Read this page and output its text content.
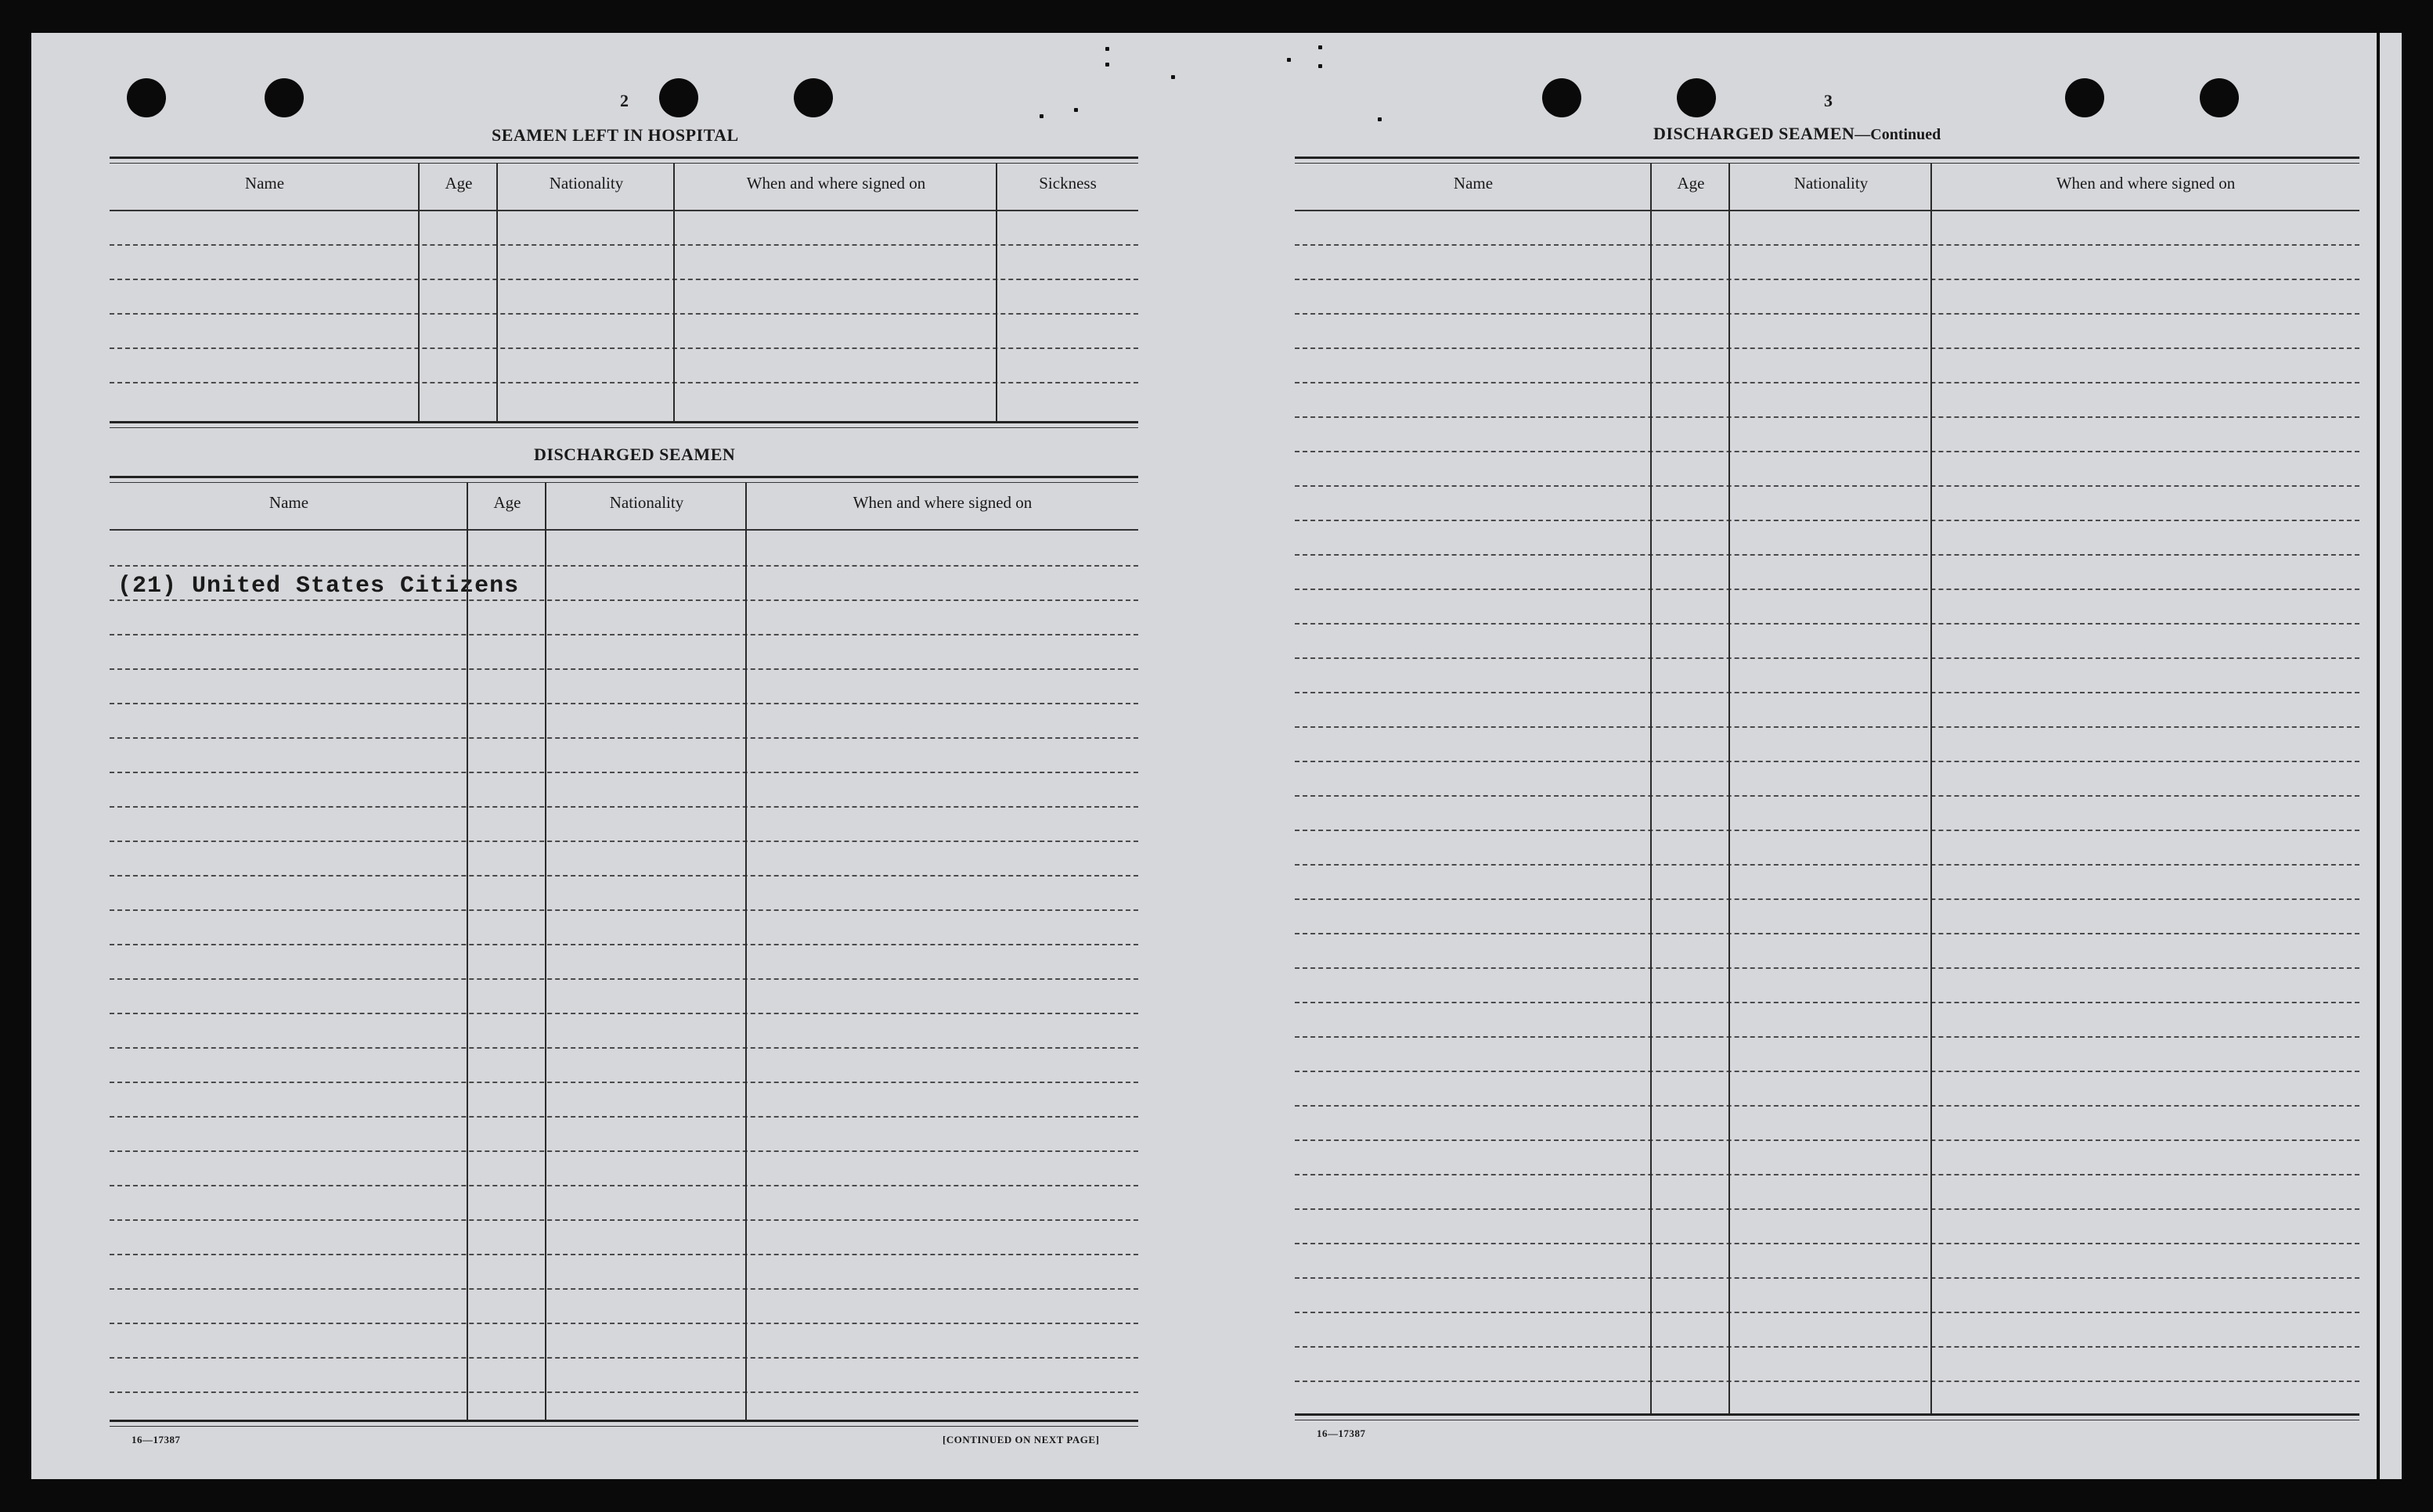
2
SEAMEN LEFT IN HOSPITAL
Name	Age	Nationality	When and where signed on	Sickness
DISCHARGED SEAMEN
Name	Age	Nationality	When and where signed on
(21) United States Citizens
16—17387	[CONTINUED ON NEXT PAGE]
3
DISCHARGED SEAMEN—Continued
Name	Age	Nationality	When and where signed on
16—17387
